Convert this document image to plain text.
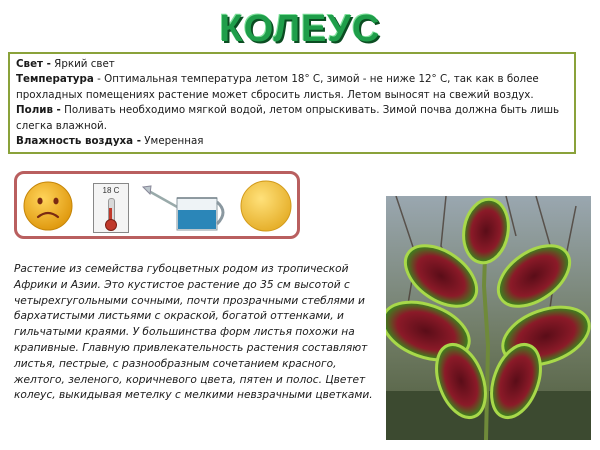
КОЛЕУС

Свет - Яркий свет

Температура - Оптимальная температура летом 18° С, зимой - не ниже 12° С, так как в более прохладных помещениях растение может сбросить листья. Летом выносят на свежий воздух.

Полив - Поливать необходимо мягкой водой, летом опрыскивать. Зимой почва должна быть лишь слегка влажной.

Влажность воздуха - Умеренная

18 С
Растение из семейства губоцветных родом из тропической Африки и Азии. Это кустистое растение до 35 см высотой с четырехгугольными сочными, почти прозрачными стеблями и бархатистыми листьями с окраской, богатой оттенками, и гильчатыми краями. У большинства форм листья похожи на крапивные. Главную привлекательность растения составляют листья, пестрые, с разнообразным сочетанием красного, желтого, зеленого, коричневого цвета, пятен и полос. Цветет колеус, выкидывая метелку с мелкими невзрачными цветками.
